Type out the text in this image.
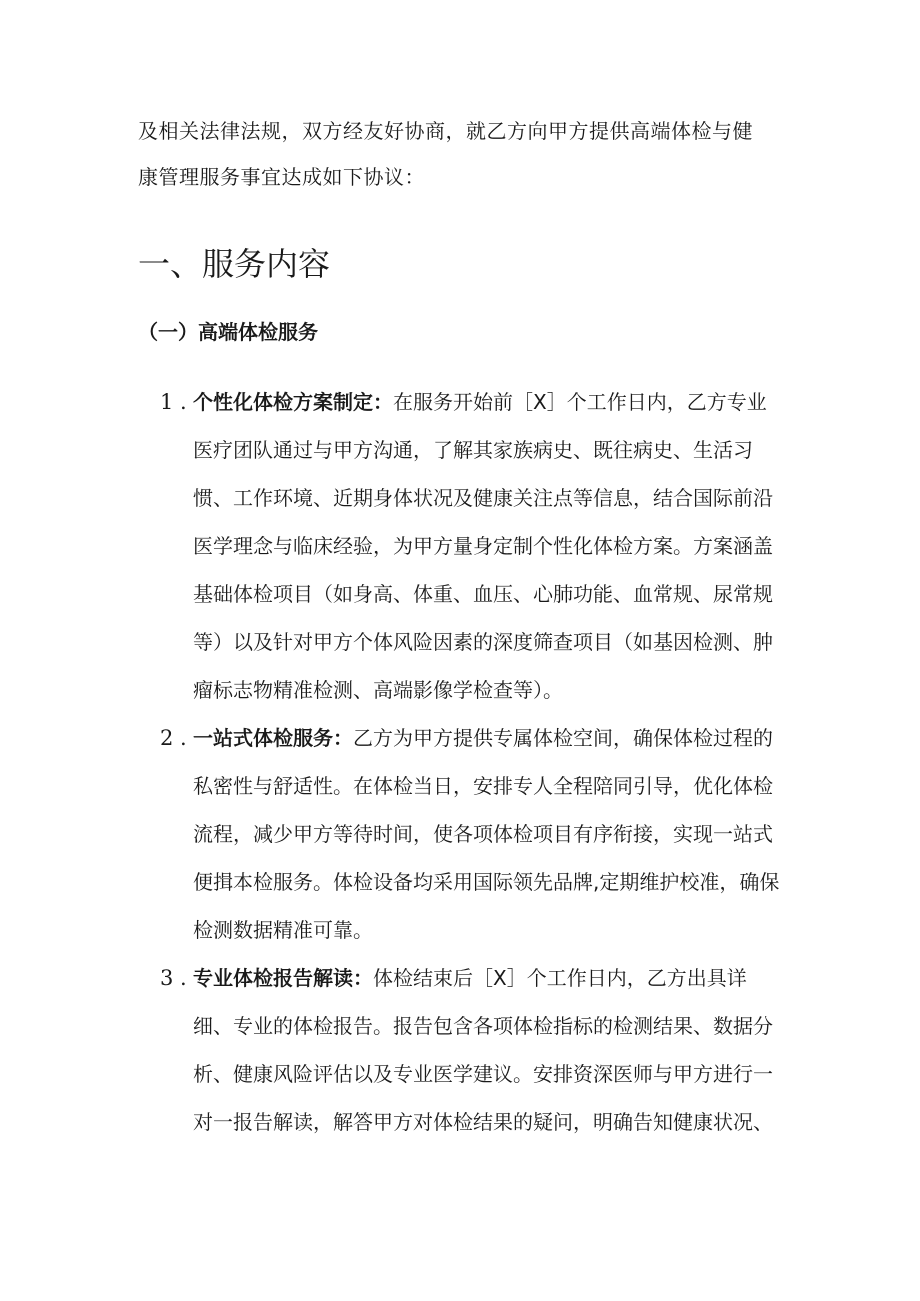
及相关法律法规，双方经友好协商，就乙方向甲方提供高端体检与健

康管理服务事宜达成如下协议：

一、服务内容
（一）高端体检服务
1 . 个性化体检方案制定：在服务开始前［X］个工作日内，乙方专业
医疗团队通过与甲方沟通，了解其家族病史、既往病史、生活习
惯、工作环境、近期身体状况及健康关注点等信息，结合国际前沿
医学理念与临床经验，为甲方量身定制个性化体检方案。方案涵盖
基础体检项目（如身高、体重、血压、心肺功能、血常规、尿常规
等）以及针对甲方个体风险因素的深度筛查项目（如基因检测、肿
瘤标志物精准检测、高端影像学检查等）。
2 . 一站式体检服务：乙方为甲方提供专属体检空间，确保体检过程的
私密性与舒适性。在体检当日，安排专人全程陪同引导，优化体检
流程，减少甲方等待时间，使各项体检项目有序衔接，实现一站式
便揖本检服务。体检设备均采用国际领先品牌,定期维护校准，确保
检测数据精准可靠。
3 . 专业体检报告解读：体检结束后［X］个工作日内，乙方出具详
细、专业的体检报告。报告包含各项体检指标的检测结果、数据分
析、健康风险评估以及专业医学建议。安排资深医师与甲方进行一
对一报告解读，解答甲方对体检结果的疑问，明确告知健康状况、
